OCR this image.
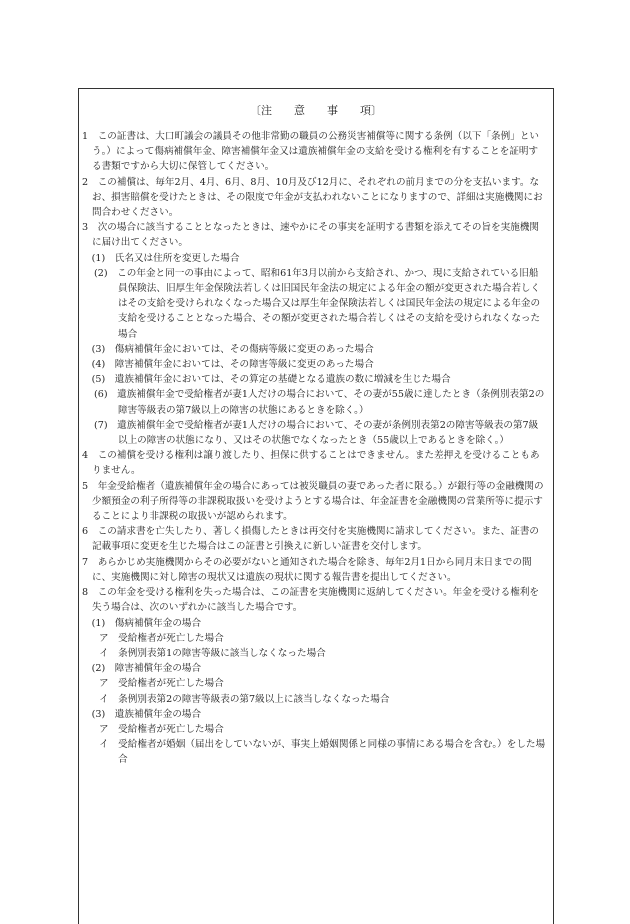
〔注　　意　　事　　項〕

1　この証書は、大口町議会の議員その他非常勤の職員の公務災害補償等に関する条例（以下「条例」という。）によって傷病補償年金、障害補償年金又は遺族補償年金の支給を受ける権利を有することを証明する書類ですから大切に保管してください。

2　この補償は、毎年2月、4月、6月、8月、10月及び12月に、それぞれの前月までの分を支払います。なお、損害賠償を受けたときは、その限度で年金が支払われないことになりますので、詳細は実施機関にお問合わせください。

3　次の場合に該当することとなったときは、速やかにその事実を証明する書類を添えてその旨を実施機関に届け出てください。

　(1)　氏名又は住所を変更した場合

(2)　この年金と同一の事由によって、昭和61年3月以前から支給され、かつ、現に支給されている旧船員保険法、旧厚生年金保険法若しくは旧国民年金法の規定による年金の額が変更された場合若しくはその支給を受けられなくなった場合又は厚生年金保険法若しくは国民年金法の規定による年金の支給を受けることとなった場合、その額が変更された場合若しくはその支給を受けられなくなった場合

　(3)　傷病補償年金においては、その傷病等級に変更のあった場合

　(4)　障害補償年金においては、その障害等級に変更のあった場合

　(5)　遺族補償年金においては、その算定の基礎となる遺族の数に増減を生じた場合

(6)　遺族補償年金で受給権者が妻1人だけの場合において、その妻が55歳に達したとき（条例別表第2の障害等級表の第7級以上の障害の状態にあるときを除く。）

(7)　遺族補償年金で受給権者が妻1人だけの場合において、その妻が条例別表第2の障害等級表の第7級以上の障害の状態になり、又はその状態でなくなったとき（55歳以上であるときを除く。）

4　この補償を受ける権利は譲り渡したり、担保に供することはできません。また差押えを受けることもありません。

5　年金受給権者（遺族補償年金の場合にあっては被災職員の妻であった者に限る。）が銀行等の金融機関の少額預金の利子所得等の非課税取扱いを受けようとする場合は、年金証書を金融機関の営業所等に提示することにより非課税の取扱いが認められます。

6　この請求書を亡失したり、著しく損傷したときは再交付を実施機関に請求してください。また、証書の記載事項に変更を生じた場合はこの証書と引換えに新しい証書を交付します。

7　あらかじめ実施機関からその必要がないと通知された場合を除き、毎年2月1日から同月末日までの間に、実施機関に対し障害の現状又は遺族の現状に関する報告書を提出してください。

8　この年金を受ける権利を失った場合は、この証書を実施機関に返納してください。年金を受ける権利を失う場合は、次のいずれかに該当した場合です。

　(1)　傷病補償年金の場合

ア　受給権者が死亡した場合

イ　条例別表第1の障害等級に該当しなくなった場合

　(2)　障害補償年金の場合

ア　受給権者が死亡した場合

イ　条例別表第2の障害等級表の第7級以上に該当しなくなった場合

　(3)　遺族補償年金の場合

ア　受給権者が死亡した場合

イ　受給権者が婚姻（届出をしていないが、事実上婚姻関係と同様の事情にある場合を含む。）をした場合
